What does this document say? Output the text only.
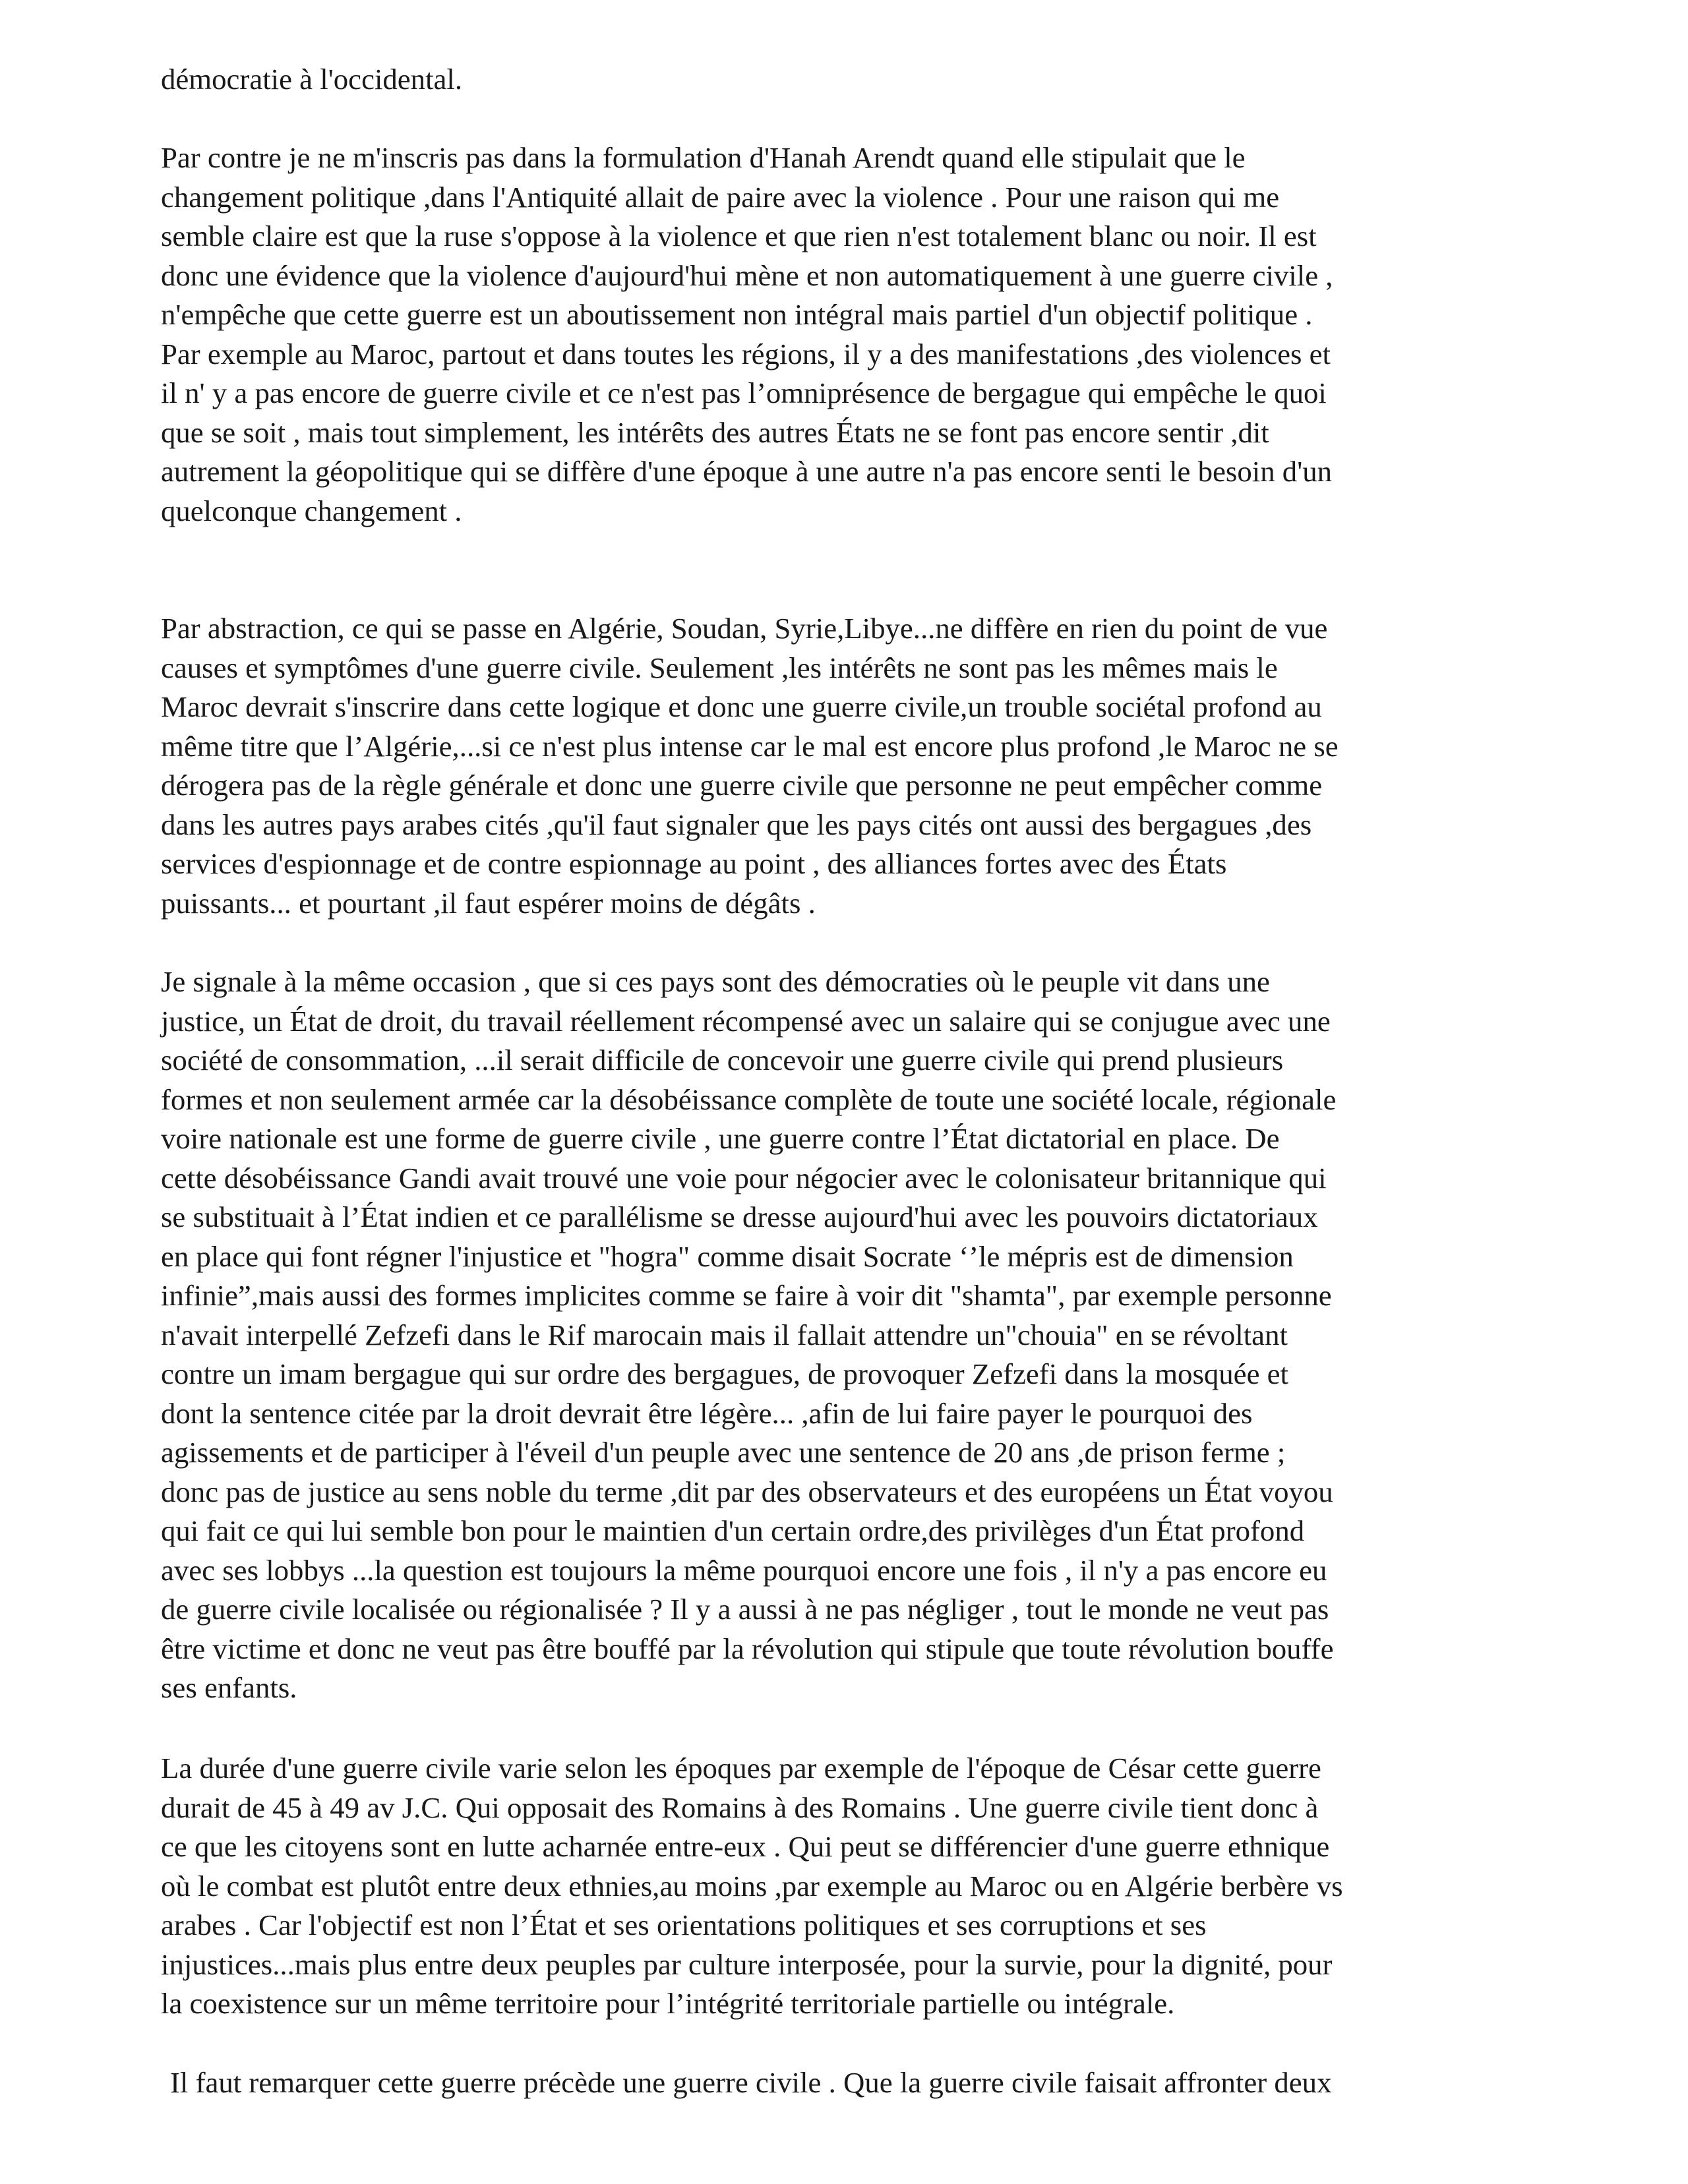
démocratie à l'occidental.

Par contre je ne m'inscris pas dans la formulation d'Hanah Arendt quand elle stipulait que le
changement politique ,dans l'Antiquité allait de paire avec la violence . Pour une raison qui me
semble claire est que la ruse s'oppose à la violence et que rien n'est totalement blanc ou noir. Il est
donc une évidence que la violence d'aujourd'hui mène et non automatiquement à une guerre civile ,
n'empêche que cette guerre est un aboutissement non intégral mais partiel d'un objectif politique .
Par exemple au Maroc, partout et dans toutes les régions, il y a des manifestations ,des violences et
il n' y a pas encore de guerre civile et ce n'est pas l’omniprésence de bergague qui empêche le quoi
que se soit , mais tout simplement, les intérêts des autres États ne se font pas encore sentir ,dit
autrement la géopolitique qui se diffère d'une époque à une autre n'a pas encore senti le besoin d'un
quelconque changement .

Par abstraction, ce qui se passe en Algérie, Soudan, Syrie,Libye...ne diffère en rien du point de vue
causes et symptômes d'une guerre civile. Seulement ,les intérêts ne sont pas les mêmes mais le
Maroc devrait s'inscrire dans cette logique et donc une guerre civile,un trouble sociétal profond au
même titre que l’Algérie,...si ce n'est plus intense car le mal est encore plus profond ,le Maroc ne se
dérogera pas de la règle générale et donc une guerre civile que personne ne peut empêcher comme
dans les autres pays arabes cités ,qu'il faut signaler que les pays cités ont aussi des bergagues ,des
services d'espionnage et de contre espionnage au point , des alliances fortes avec des États
puissants... et pourtant ,il faut espérer moins de dégâts .

Je signale à la même occasion , que si ces pays sont des démocraties où le peuple vit dans une
justice, un État de droit, du travail réellement récompensé avec un salaire qui se conjugue avec une
société de consommation, ...il serait difficile de concevoir une guerre civile qui prend plusieurs
formes et non seulement armée car la désobéissance complète de toute une société locale, régionale
voire nationale est une forme de guerre civile , une guerre contre l’État dictatorial en place. De
cette désobéissance Gandi avait trouvé une voie pour négocier avec le colonisateur britannique qui
se substituait à l’État indien et ce parallélisme se dresse aujourd'hui avec les pouvoirs dictatoriaux
en place qui font régner l'injustice et "hogra" comme disait Socrate ‘’le mépris est de dimension
infinie”,mais aussi des formes implicites comme se faire à voir dit "shamta", par exemple personne
n'avait interpellé Zefzefi dans le Rif marocain mais il fallait attendre un"chouia" en se révoltant
contre un imam bergague qui sur ordre des bergagues, de provoquer Zefzefi dans la mosquée et
dont la sentence citée par la droit devrait être légère... ,afin de lui faire payer le pourquoi des
agissements et de participer à l'éveil d'un peuple avec une sentence de 20 ans ,de prison ferme ;
donc pas de justice au sens noble du terme ,dit par des observateurs et des européens un État voyou
qui fait ce qui lui semble bon pour le maintien d'un certain ordre,des privilèges d'un État profond
avec ses lobbys ...la question est toujours la même pourquoi encore une fois , il n'y a pas encore eu
de guerre civile localisée ou régionalisée ? Il y a aussi à ne pas négliger , tout le monde ne veut pas
être victime et donc ne veut pas être bouffé par la révolution qui stipule que toute révolution bouffe
ses enfants.

La durée d'une guerre civile varie selon les époques par exemple de l'époque de César cette guerre
durait de 45 à 49 av J.C. Qui opposait des Romains à des Romains . Une guerre civile tient donc à
ce que les citoyens sont en lutte acharnée entre-eux . Qui peut se différencier d'une guerre ethnique
où le combat est plutôt entre deux ethnies,au moins ,par exemple au Maroc ou en Algérie berbère vs
arabes . Car l'objectif est non l’État et ses orientations politiques et ses corruptions et ses
injustices...mais plus entre deux peuples par culture interposée, pour la survie, pour la dignité, pour
la coexistence sur un même territoire pour l’intégrité territoriale partielle ou intégrale.

Il faut remarquer cette guerre précède une guerre civile . Que la guerre civile faisait affronter deux
